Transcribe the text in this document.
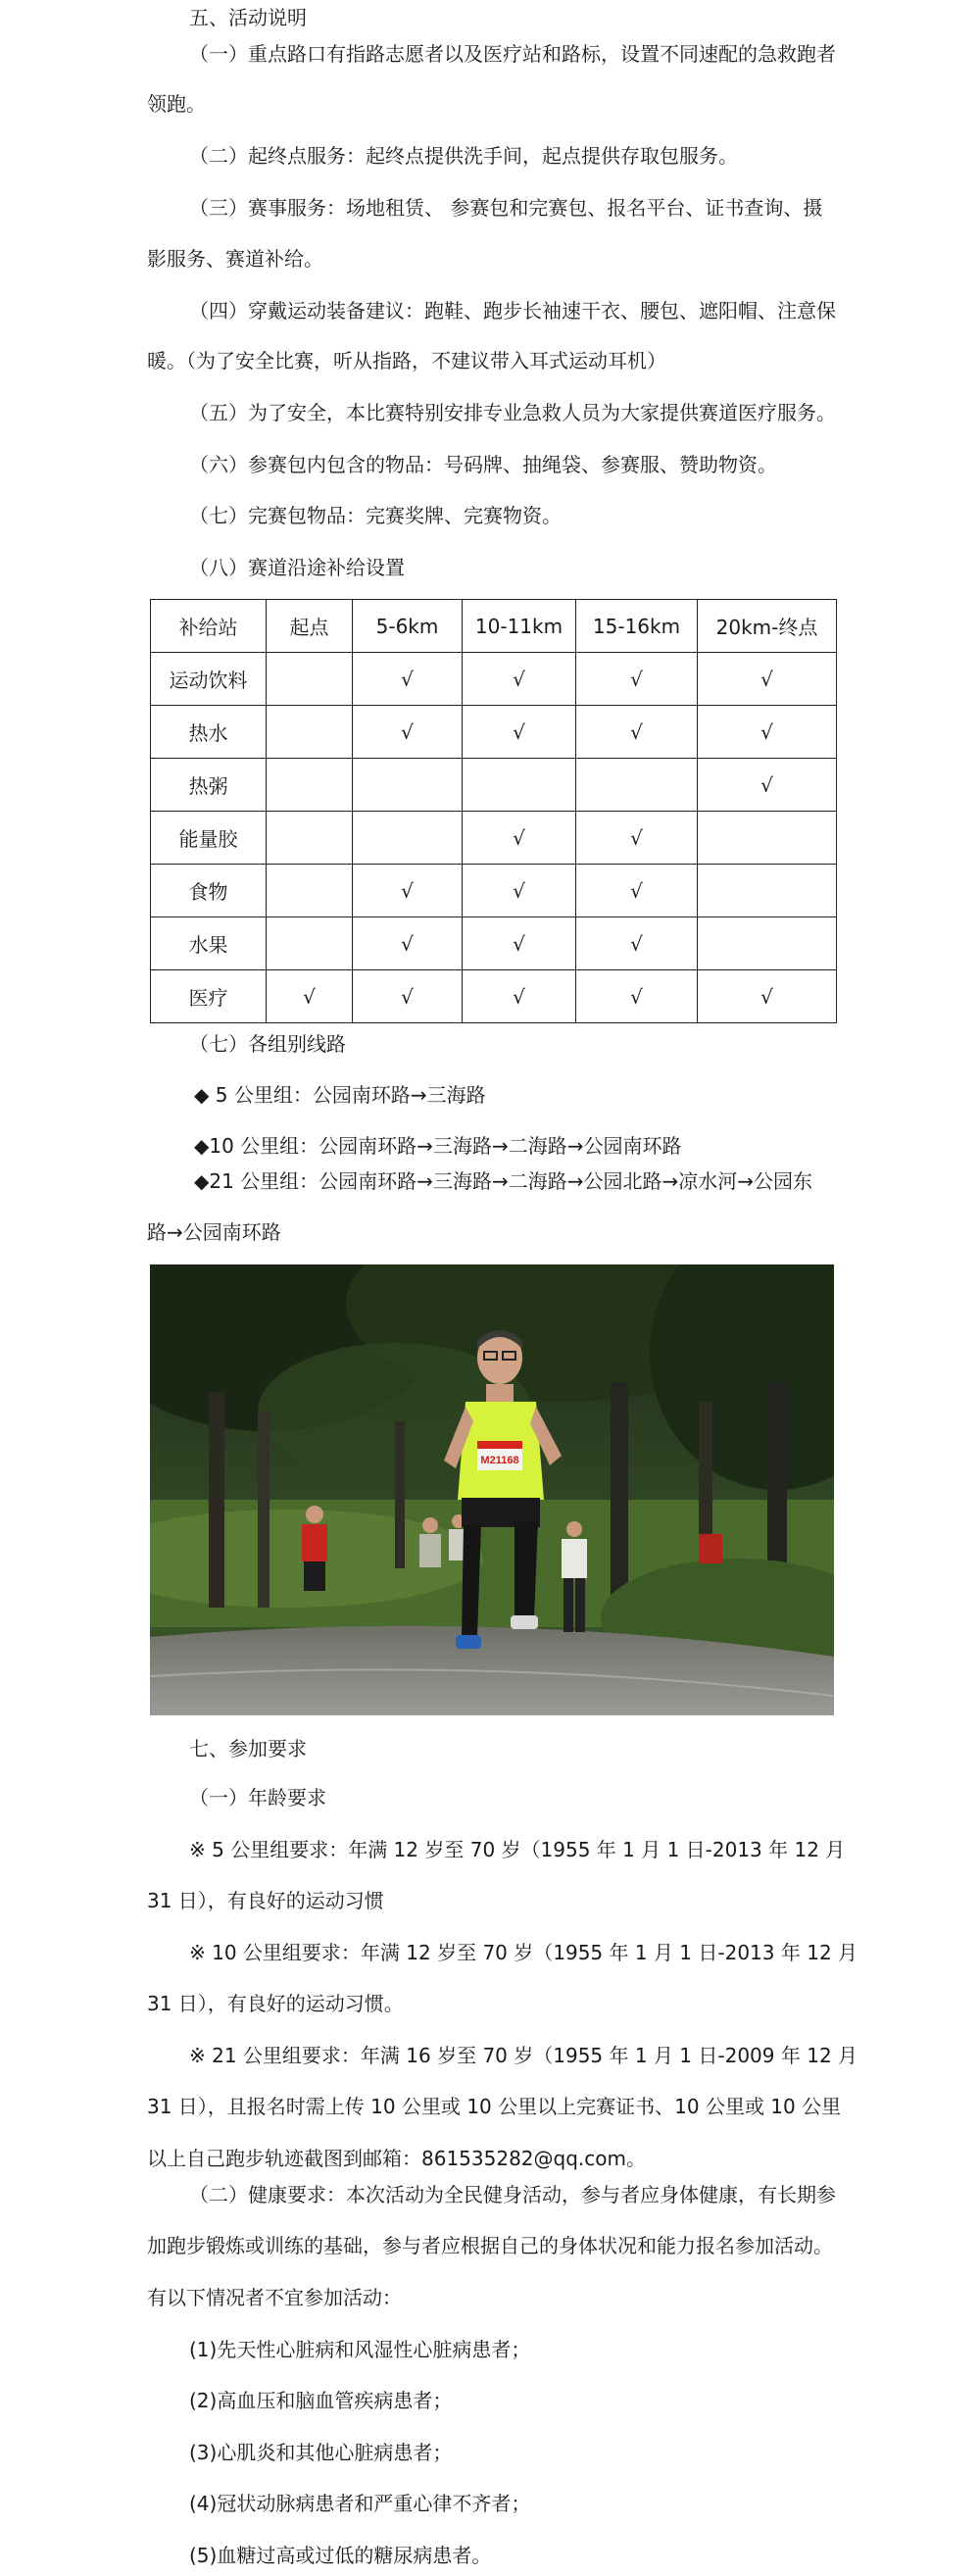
五、活动说明
（一）重点路口有指路志愿者以及医疗站和路标，设置不同速配的急救跑者
领跑。
（二）起终点服务：起终点提供洗手间，起点提供存取包服务。
（三）赛事服务：场地租赁、 参赛包和完赛包、报名平台、证书查询、摄
影服务、赛道补给。
（四）穿戴运动装备建议：跑鞋、跑步长袖速干衣、腰包、遮阳帽、注意保
暖。（为了安全比赛，听从指路，不建议带入耳式运动耳机）
（五）为了安全，本比赛特别安排专业急救人员为大家提供赛道医疗服务。
（六）参赛包内包含的物品：号码牌、抽绳袋、参赛服、赞助物资。
（七）完赛包物品：完赛奖牌、完赛物资。
（八）赛道沿途补给设置
补给站	起点	5-6km	10-11km	15-16km	20km-终点
运动饮料		√	√	√	√
热水		√	√	√	√
热粥					√
能量胶			√	√	
食物		√	√	√	
水果		√	√	√	
医疗	√	√	√	√	√
（七）各组别线路
◆ 5 公里组：公园南环路→三海路
◆10 公里组：公园南环路→三海路→二海路→公园南环路
◆21 公里组：公园南环路→三海路→二海路→公园北路→凉水河→公园东
路→公园南环路
M21168
七、参加要求
（一）年龄要求
※ 5 公里组要求：年满 12 岁至 70 岁（1955 年 1 月 1 日-2013 年 12 月
31 日），有良好的运动习惯
※ 10 公里组要求：年满 12 岁至 70 岁（1955 年 1 月 1 日-2013 年 12 月
31 日），有良好的运动习惯。
※ 21 公里组要求：年满 16 岁至 70 岁（1955 年 1 月 1 日-2009 年 12 月
31 日），且报名时需上传 10 公里或 10 公里以上完赛证书、10 公里或 10 公里
以上自己跑步轨迹截图到邮箱：861535282@qq.com。
（二）健康要求：本次活动为全民健身活动，参与者应身体健康，有长期参
加跑步锻炼或训练的基础，参与者应根据自己的身体状况和能力报名参加活动。
有以下情况者不宜参加活动：
(1)先天性心脏病和风湿性心脏病患者；
(2)高血压和脑血管疾病患者；
(3)心肌炎和其他心脏病患者；
(4)冠状动脉病患者和严重心律不齐者；
(5)血糖过高或过低的糖尿病患者。
